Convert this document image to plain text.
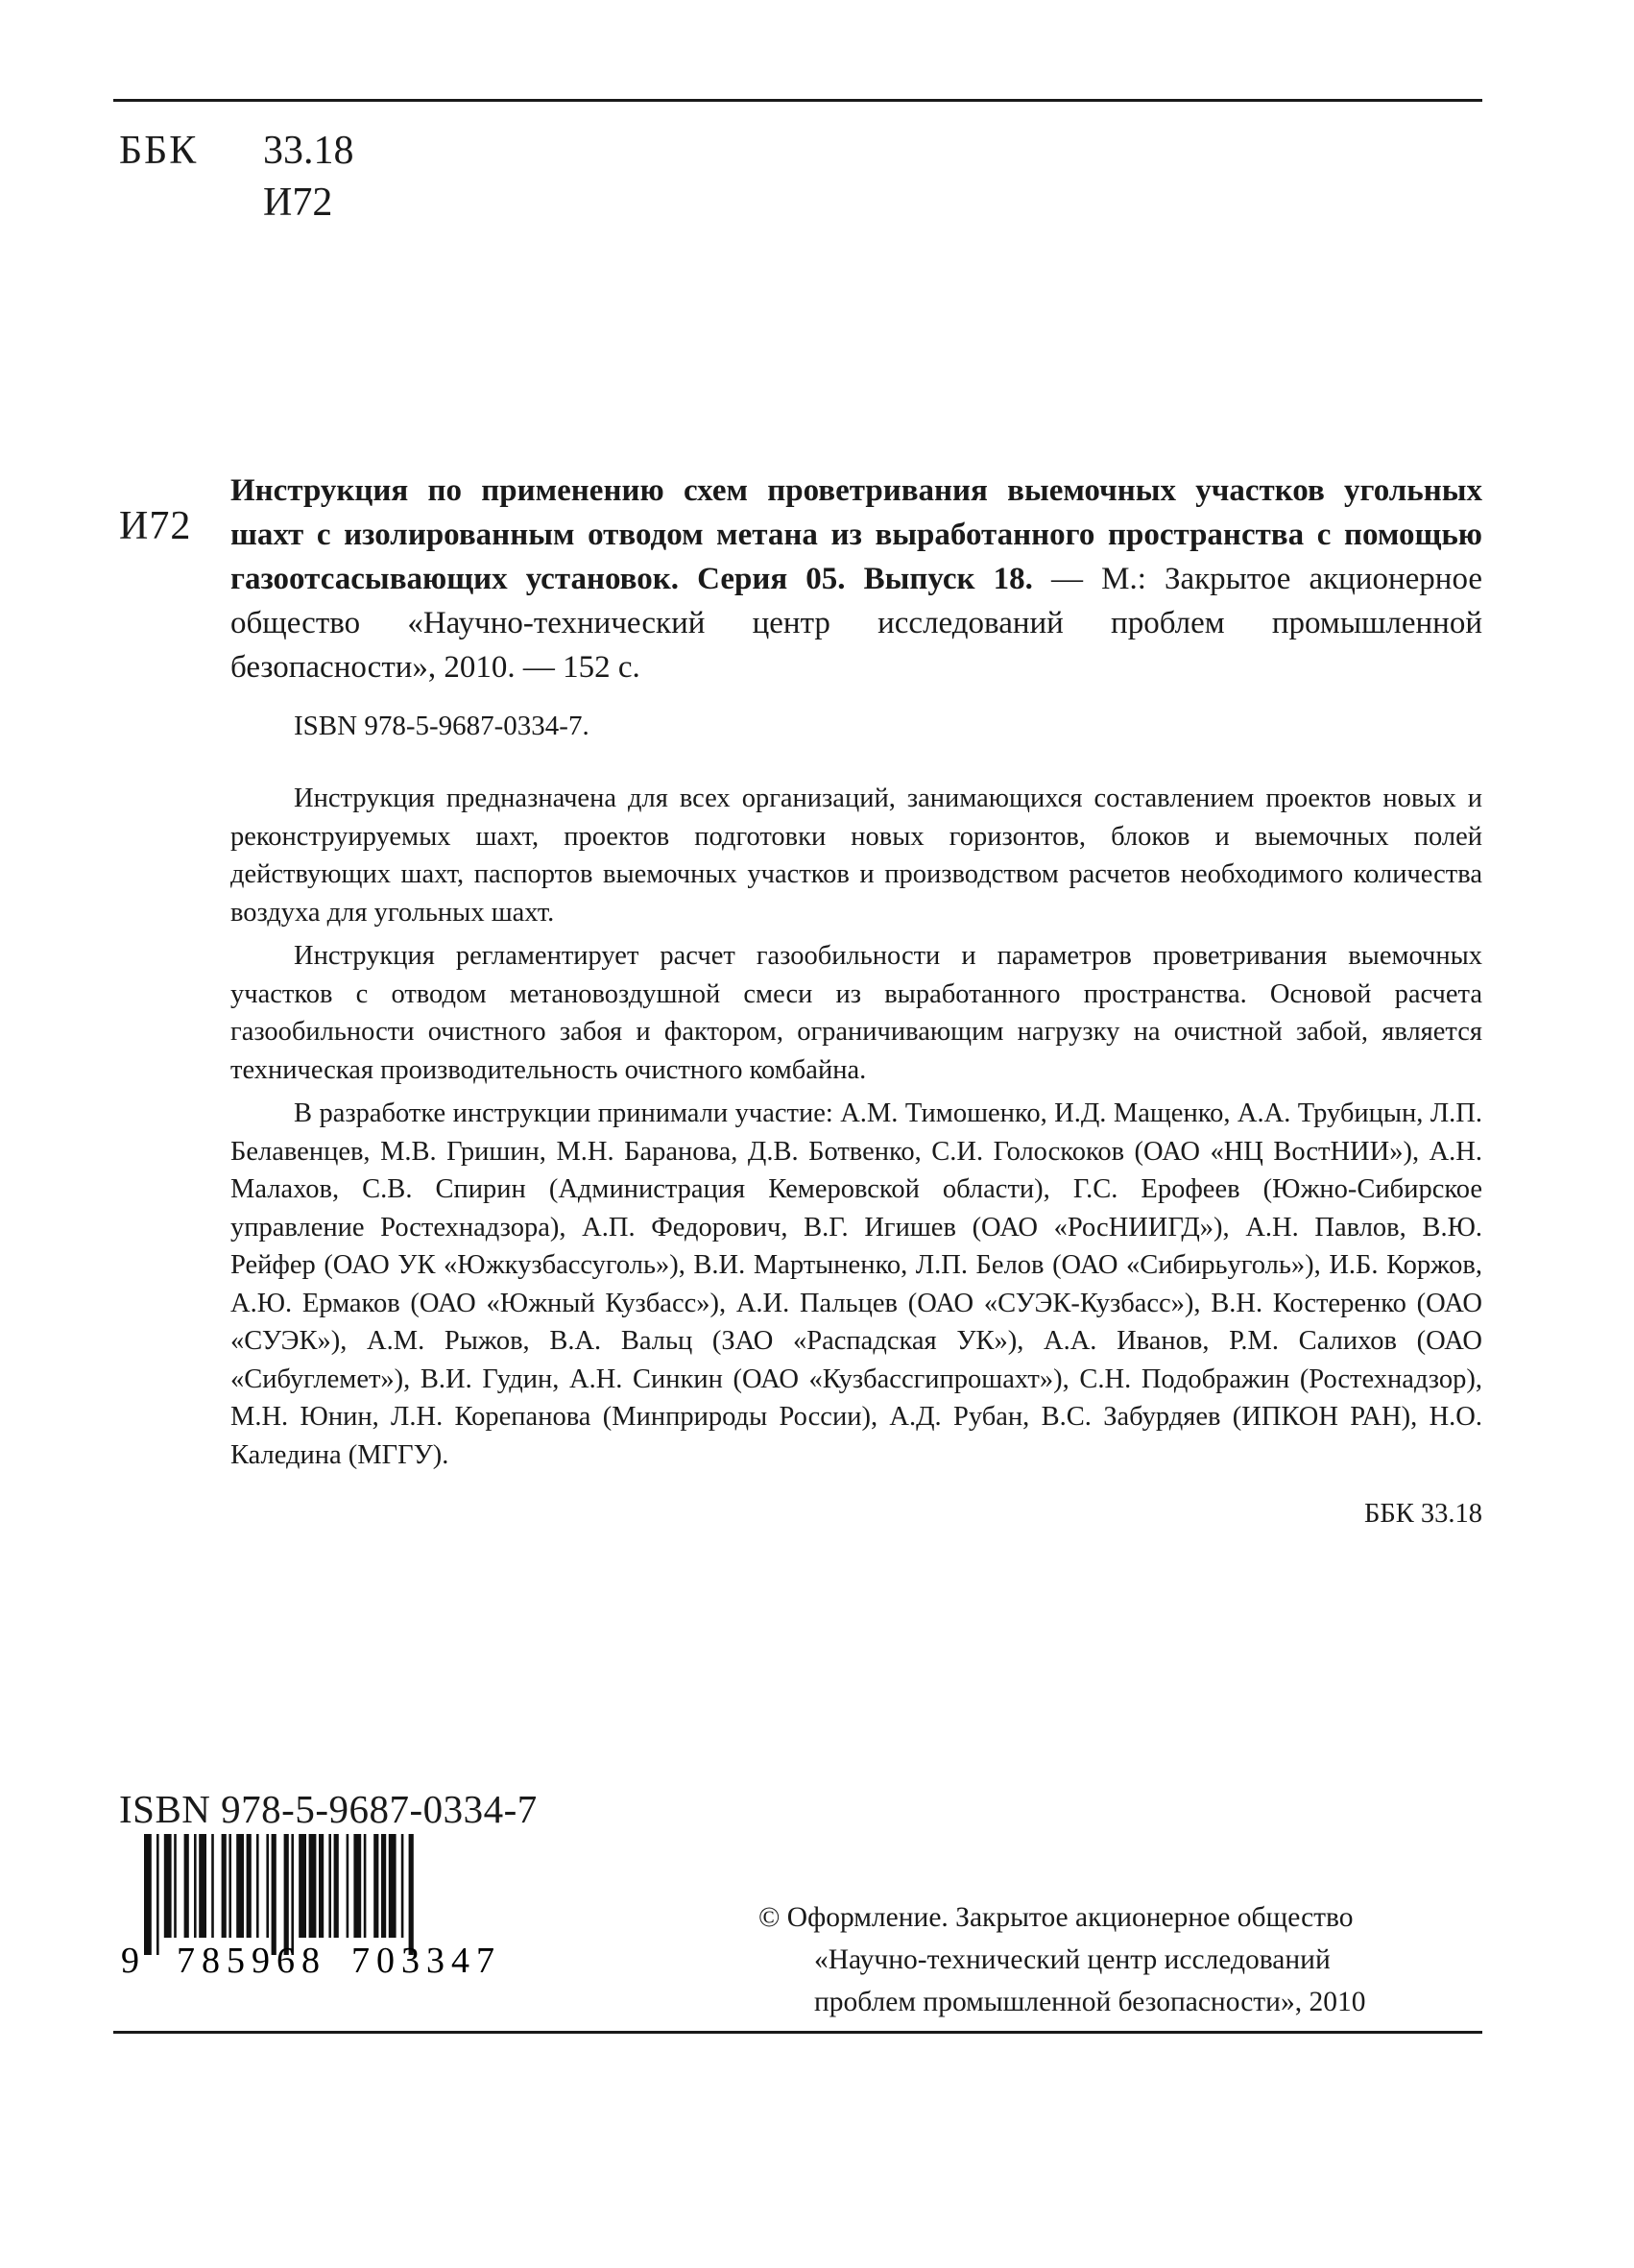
ББК 33.18
И72
И72

Инструкция по применению схем проветривания выемочных участков угольных шахт с изолированным отводом метана из выработанного пространства с помощью газоотсасывающих установок. Серия 05. Выпуск 18. — М.: Закрытое акционерное общество «Научно-технический центр исследований проблем промышленной безопасности», 2010. — 152 с.

ISBN 978-5-9687-0334-7.

Инструкция предназначена для всех организаций, занимающихся составлением проектов новых и реконструируемых шахт, проектов подготовки новых горизонтов, блоков и выемочных полей действующих шахт, паспортов выемочных участков и производством расчетов необходимого количества воздуха для угольных шахт.

Инструкция регламентирует расчет газообильности и параметров проветривания выемочных участков с отводом метановоздушной смеси из выработанного пространства. Основой расчета газообильности очистного забоя и фактором, ограничивающим нагрузку на очистной забой, является техническая производительность очистного комбайна.

В разработке инструкции принимали участие: А.М. Тимошенко, И.Д. Мащенко, А.А. Трубицын, Л.П. Белавенцев, М.В. Гришин, М.Н. Баранова, Д.В. Ботвенко, С.И. Голоскоков (ОАО «НЦ ВостНИИ»), А.Н. Малахов, С.В. Спирин (Администрация Кемеровской области), Г.С. Ерофеев (Южно-Сибирское управление Ростехнадзора), А.П. Федорович, В.Г. Игишев (ОАО «РосНИИГД»), А.Н. Павлов, В.Ю. Рейфер (ОАО УК «Южкузбассуголь»), В.И. Мартыненко, Л.П. Белов (ОАО «Сибирьуголь»), И.Б. Коржов, А.Ю. Ермаков (ОАО «Южный Кузбасс»), А.И. Пальцев (ОАО «СУЭК-Кузбасс»), В.Н. Костеренко (ОАО «СУЭК»), А.М. Рыжов, В.А. Вальц (ЗАО «Распадская УК»), А.А. Иванов, Р.М. Салихов (ОАО «Сибуглемет»), В.И. Гудин, А.Н. Синкин (ОАО «Кузбассгипрошахт»), С.Н. Подображин (Ростехнадзор), М.Н. Юнин, Л.Н. Корепанова (Минприроды России), А.Д. Рубан, В.С. Забурдяев (ИПКОН РАН), Н.О. Каледина (МГГУ).

ББК 33.18
ISBN 978-5-9687-0334-7
9 785968 703347
© Оформление. Закрытое акционерное общество
«Научно-технический центр исследований
проблем промышленной безопасности», 2010
